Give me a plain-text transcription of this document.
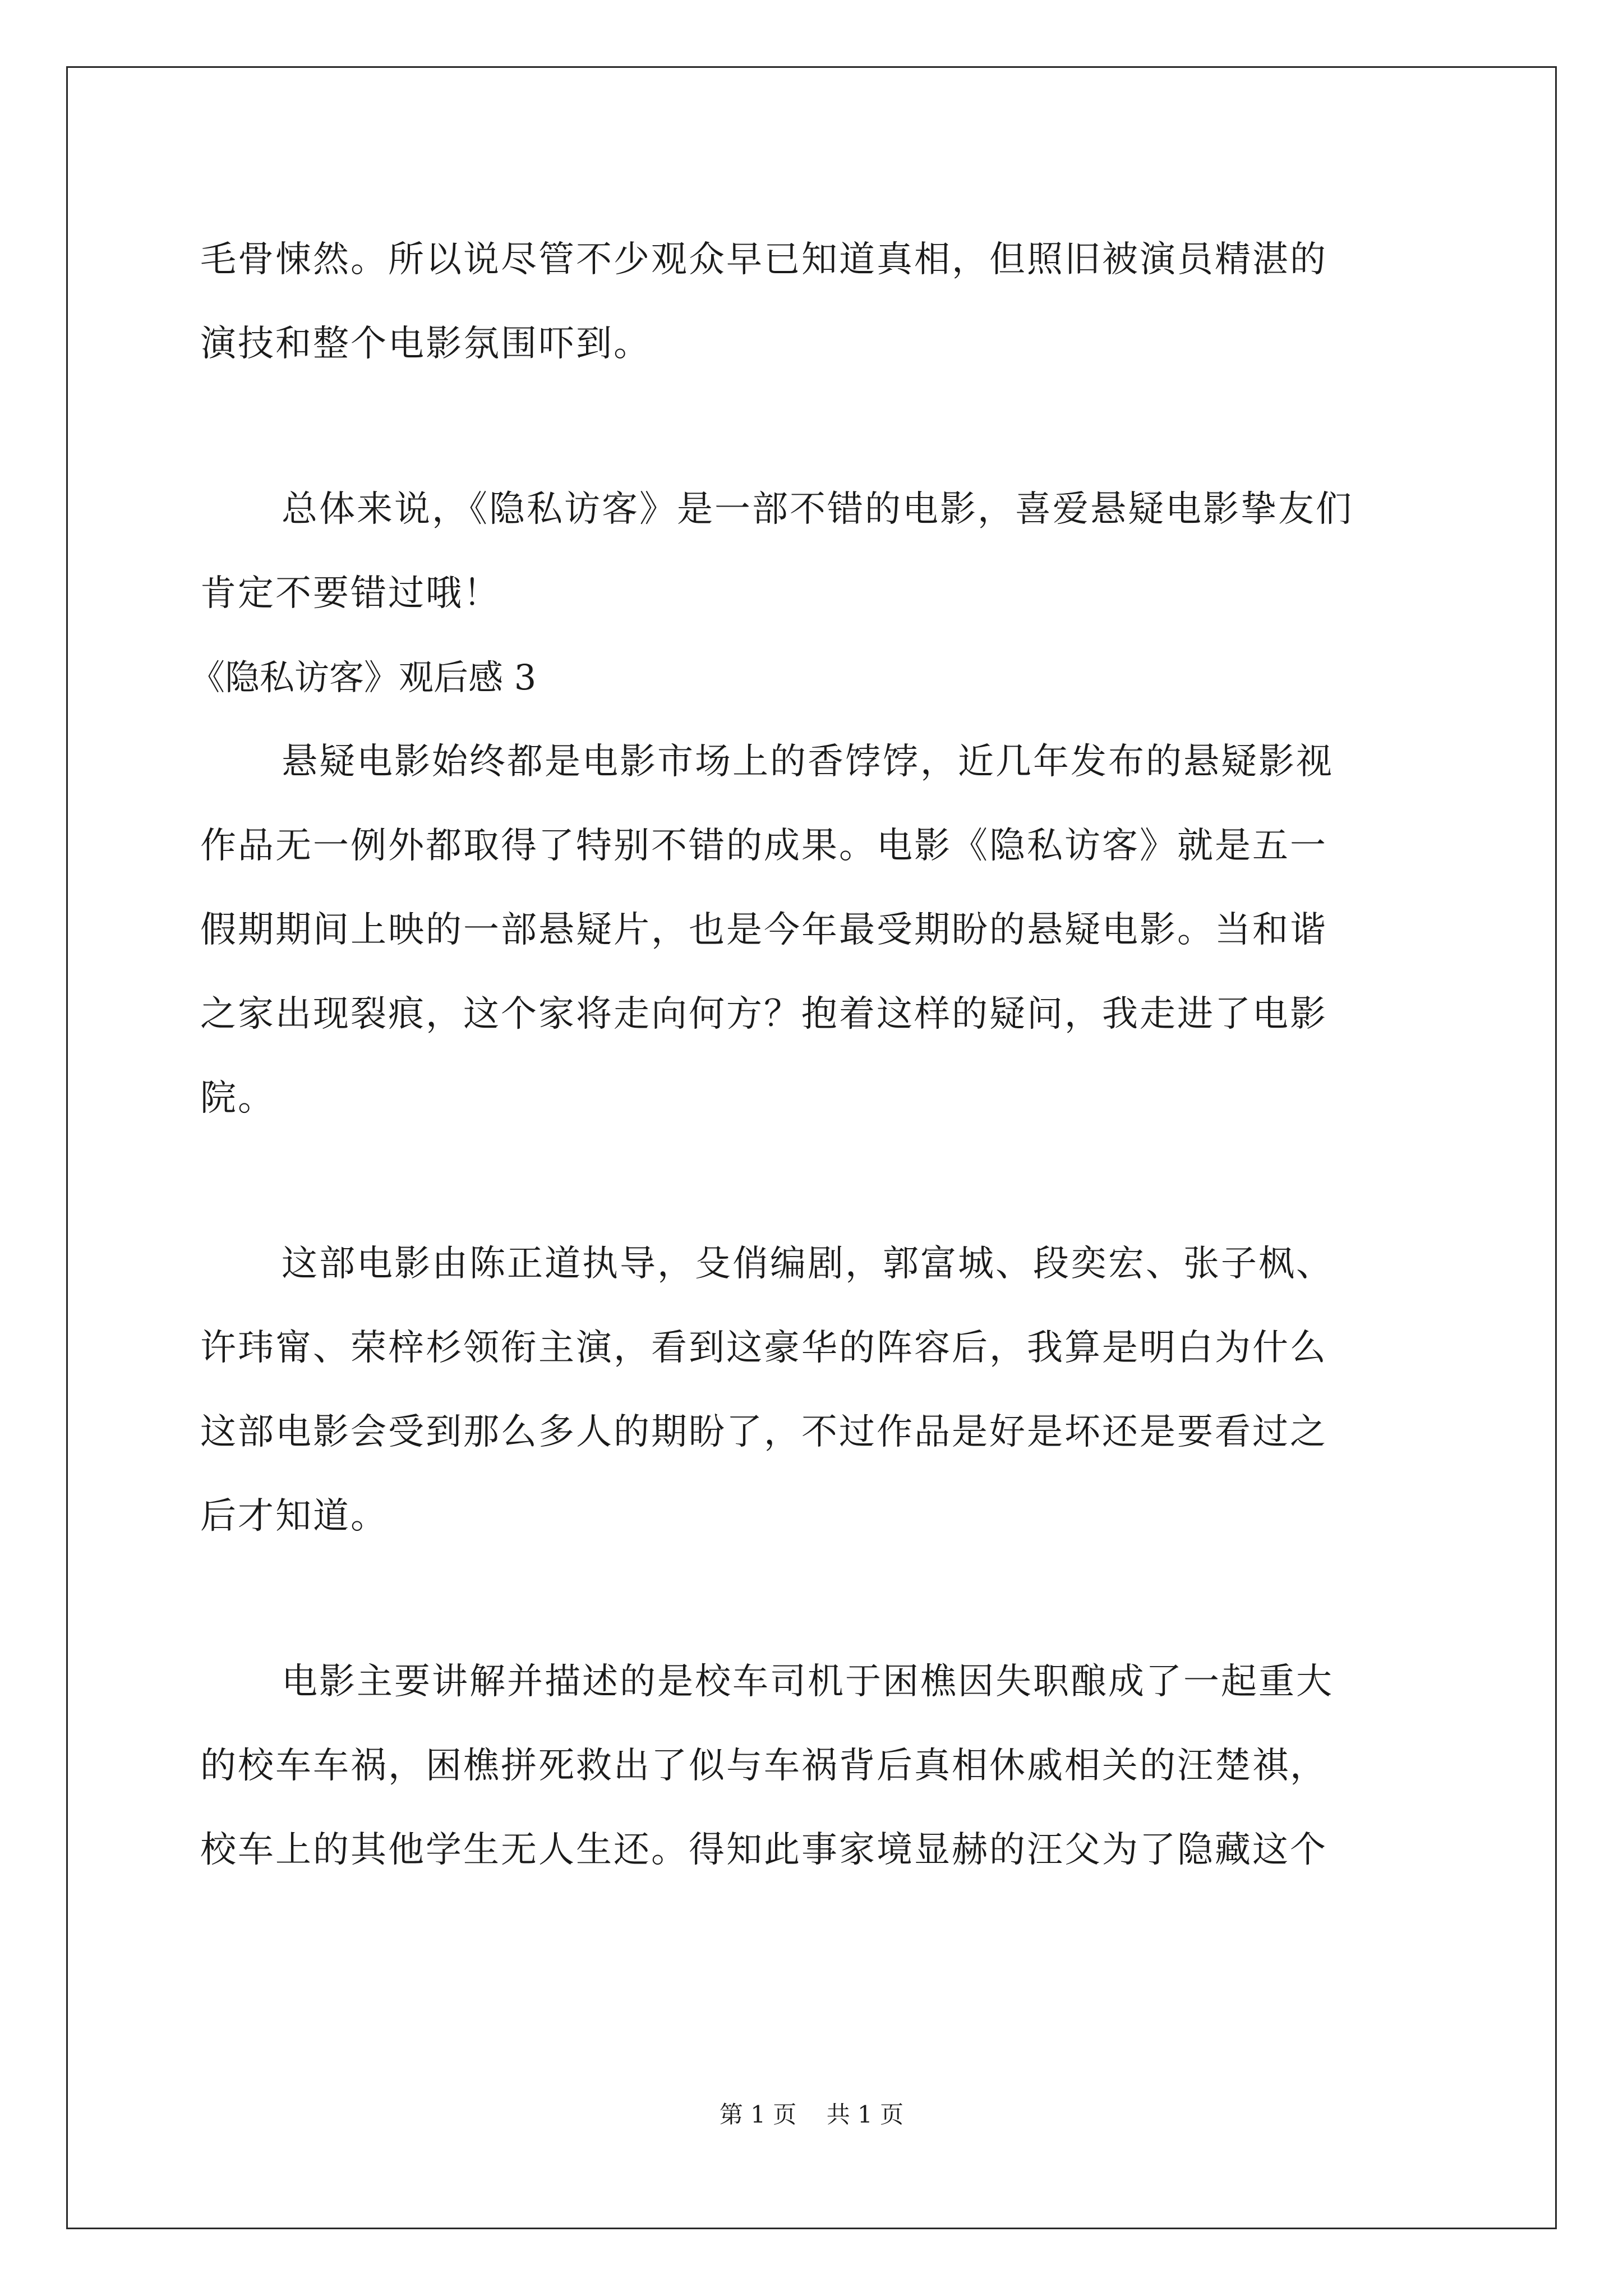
毛骨悚然。所以说尽管不少观众早已知道真相，但照旧被演员精湛的
演技和整个电影氛围吓到。
总体来说，《隐私访客》是一部不错的电影，喜爱悬疑电影挚友们
肯定不要错过哦！
《隐私访客》观后感 3
悬疑电影始终都是电影市场上的香饽饽，近几年发布的悬疑影视
作品无一例外都取得了特别不错的成果。电影《隐私访客》就是五一
假期期间上映的一部悬疑片，也是今年最受期盼的悬疑电影。当和谐
之家出现裂痕，这个家将走向何方？抱着这样的疑问，我走进了电影
院。
这部电影由陈正道执导，殳俏编剧，郭富城、段奕宏、张子枫、
许玮甯、荣梓杉领衔主演，看到这豪华的阵容后，我算是明白为什么
这部电影会受到那么多人的期盼了，不过作品是好是坏还是要看过之
后才知道。
电影主要讲解并描述的是校车司机于困樵因失职酿成了一起重大
的校车车祸，困樵拼死救出了似与车祸背后真相休戚相关的汪楚祺，
校车上的其他学生无人生还。得知此事家境显赫的汪父为了隐藏这个
第 1 页    共 1 页
